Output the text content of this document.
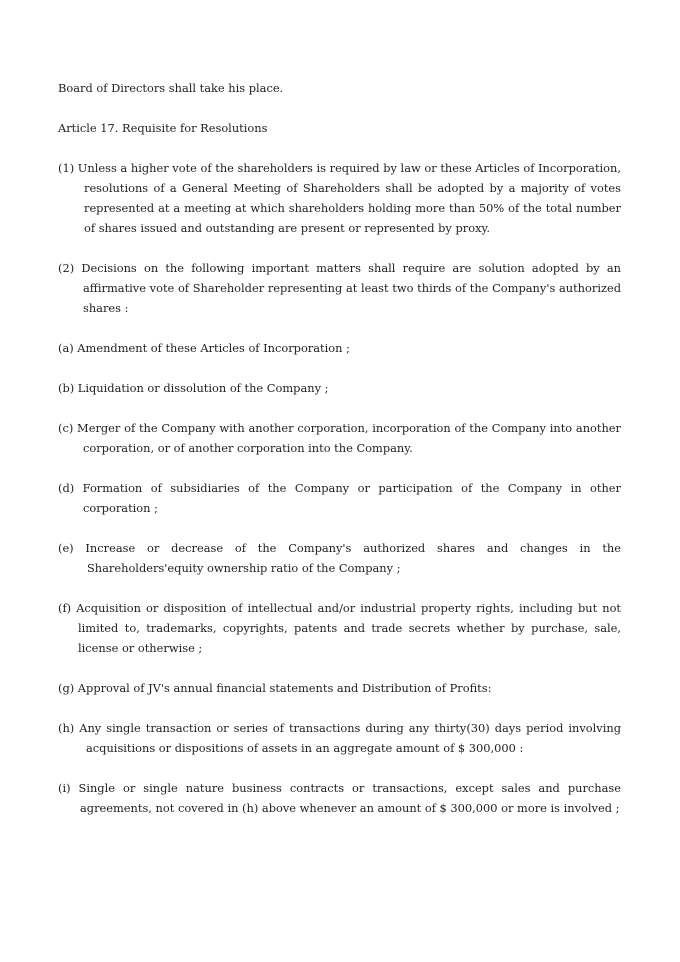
Board of Directors shall take his place.

Article 17. Requisite for Resolutions

(1) Unless a higher vote of the shareholders is required by law or these Articles of Incorporation, resolutions of a General Meeting of Shareholders shall be adopted by a majority of votes represented at a meeting at which shareholders holding more than 50% of the total number of shares issued and outstanding are present or represented by proxy.

(2) Decisions on the following important matters shall require are solution adopted by an affirmative vote of Shareholder representing at least two thirds of the Company's authorized shares :

(a) Amendment of these Articles of Incorporation ;

(b) Liquidation or dissolution of the Company ;

(c) Merger of the Company with another corporation, incorporation of the Company into another corporation, or of another corporation into the Company.

(d) Formation of subsidiaries of the Company or participation of the Company in other corporation ;

(e) Increase or decrease of the Company's authorized shares and changes in the Shareholders'equity ownership ratio of the Company ;

(f) Acquisition or disposition of intellectual and/or industrial property rights, including but not limited to, trademarks, copyrights, patents and trade secrets whether by purchase, sale, license or otherwise ;

(g) Approval of JV's annual financial statements and Distribution of Profits:

(h) Any single transaction or series of transactions during any thirty(30) days period involving acquisitions or dispositions of assets in an aggregate amount of $ 300,000 :

(i) Single or single nature business contracts or transactions, except sales and purchase agreements, not covered in (h) above whenever an amount of $ 300,000 or more is involved ;
